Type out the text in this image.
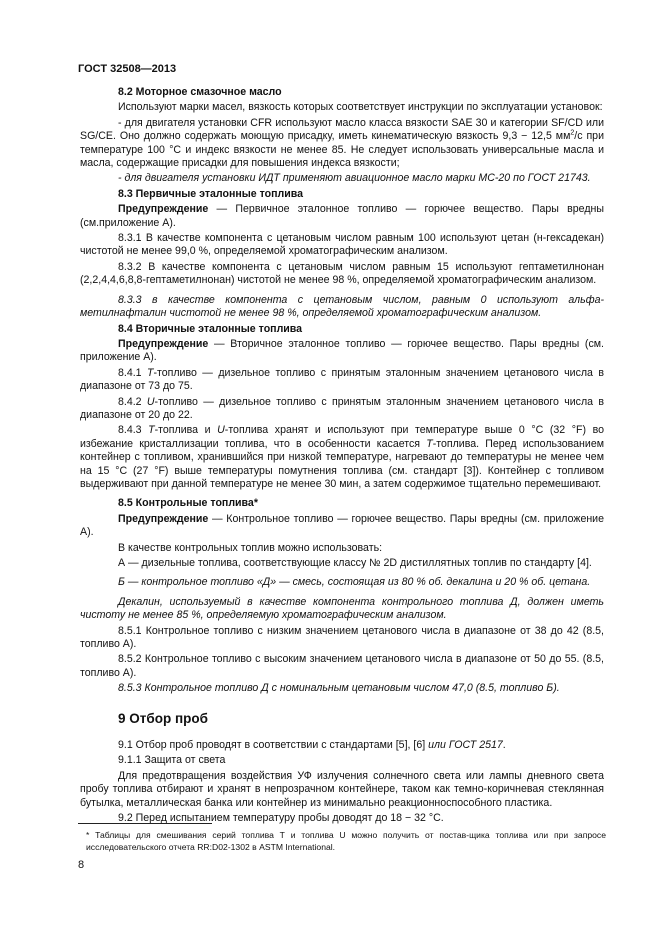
ГОСТ 32508—2013

8.2 Моторное смазочное масло

Используют марки масел, вязкость которых соответствует инструкции по эксплуатации установок:

- для двигателя установки CFR используют масло класса вязкости SAE 30 и категории SF/CD или SG/CE. Оно должно содержать моющую присадку, иметь кинематическую вязкость 9,3 − 12,5 $мм^2/с$ при температуре 100 °С и индекс вязкости не менее 85. Не следует использовать универсальные масла и масла, содержащие присадки для повышения индекса вязкости;

- для двигателя установки ИДТ применяют авиационное масло марки МС-20 по ГОСТ 21743.

8.3 Первичные эталонные топлива

Предупреждение — Первичное эталонное топливо — горючее вещество. Пары вредны (см.приложение А).

8.3.1 В качестве компонента с цетановым числом равным 100 используют цетан (н-гексадекан) чистотой не менее 99,0 %, определяемой хроматографическим анализом.

8.3.2 В качестве компонента с цетановым числом равным 15 используют гептаметилнонан (2,2,4,4,6,8,8-гептаметилнонан) чистотой не менее 98 %, определяемой хроматографическим анализом.

8.3.3 в качестве компонента с цетановым числом, равным 0 используют альфа-метилнафталин чистотой не менее 98 %, определяемой хроматографическим анализом.

8.4 Вторичные эталонные топлива

Предупреждение — Вторичное эталонное топливо — горючее вещество. Пары вредны (см. приложение А).

8.4.1 Т-топливо — дизельное топливо с принятым эталонным значением цетанового числа в диапазоне от 73 до 75.

8.4.2 U-топливо — дизельное топливо с принятым эталонным значением цетанового числа в диапазоне от 20 до 22.

8.4.3 Т-топлива и U-топлива хранят и используют при температуре выше 0 °С (32 °F) во избежание кристаллизации топлива, что в особенности касается Т-топлива. Перед использованием контейнер с топливом, хранившийся при низкой температуре, нагревают до температуры не менее чем на 15 °С (27 °F) выше температуры помутнения топлива (см. стандарт [3]). Контейнер с топливом выдерживают при данной температуре не менее 30 мин, а затем содержимое тщательно перемешивают.

8.5 Контрольные топлива*

Предупреждение — Контрольное топливо — горючее вещество. Пары вредны (см. приложение А).

В качестве контрольных топлив можно использовать:

А — дизельные топлива, соответствующие классу № 2D дистиллятных топлив по стандарту [4].

Б — контрольное топливо «Д» — смесь, состоящая из 80 % об. декалина и 20 % об. цетана.

Декалин, используемый в качестве компонента контрольного топлива Д, должен иметь чистоту не менее 85 %, определяемую хроматографическим анализом.

8.5.1 Контрольное топливо с низким значением цетанового числа в диапазоне от 38 до 42 (8.5, топливо А).

8.5.2 Контрольное топливо с высоким значением цетанового числа в диапазоне от 50 до 55. (8.5, топливо А).

8.5.3 Контрольное топливо Д с номинальным цетановым числом 47,0 (8.5, топливо Б).

9 Отбор проб

9.1 Отбор проб проводят в соответствии с стандартами [5], [6] или ГОСТ 2517.

9.1.1 Защита от света

Для предотвращения воздействия УФ излучения солнечного света или лампы дневного света пробу топлива отбирают и хранят в непрозрачном контейнере, таком как темно-коричневая стеклянная бутылка, металлическая банка или контейнер из минимально реакционноспособного пластика.

9.2 Перед испытанием температуру пробы доводят до 18 − 32 °С.

* Таблицы для смешивания серий топлива Т и топлива U можно получить от постав-щика топлива или при запросе исследовательского отчета RR:D02-1302 в ASTM International.
8
